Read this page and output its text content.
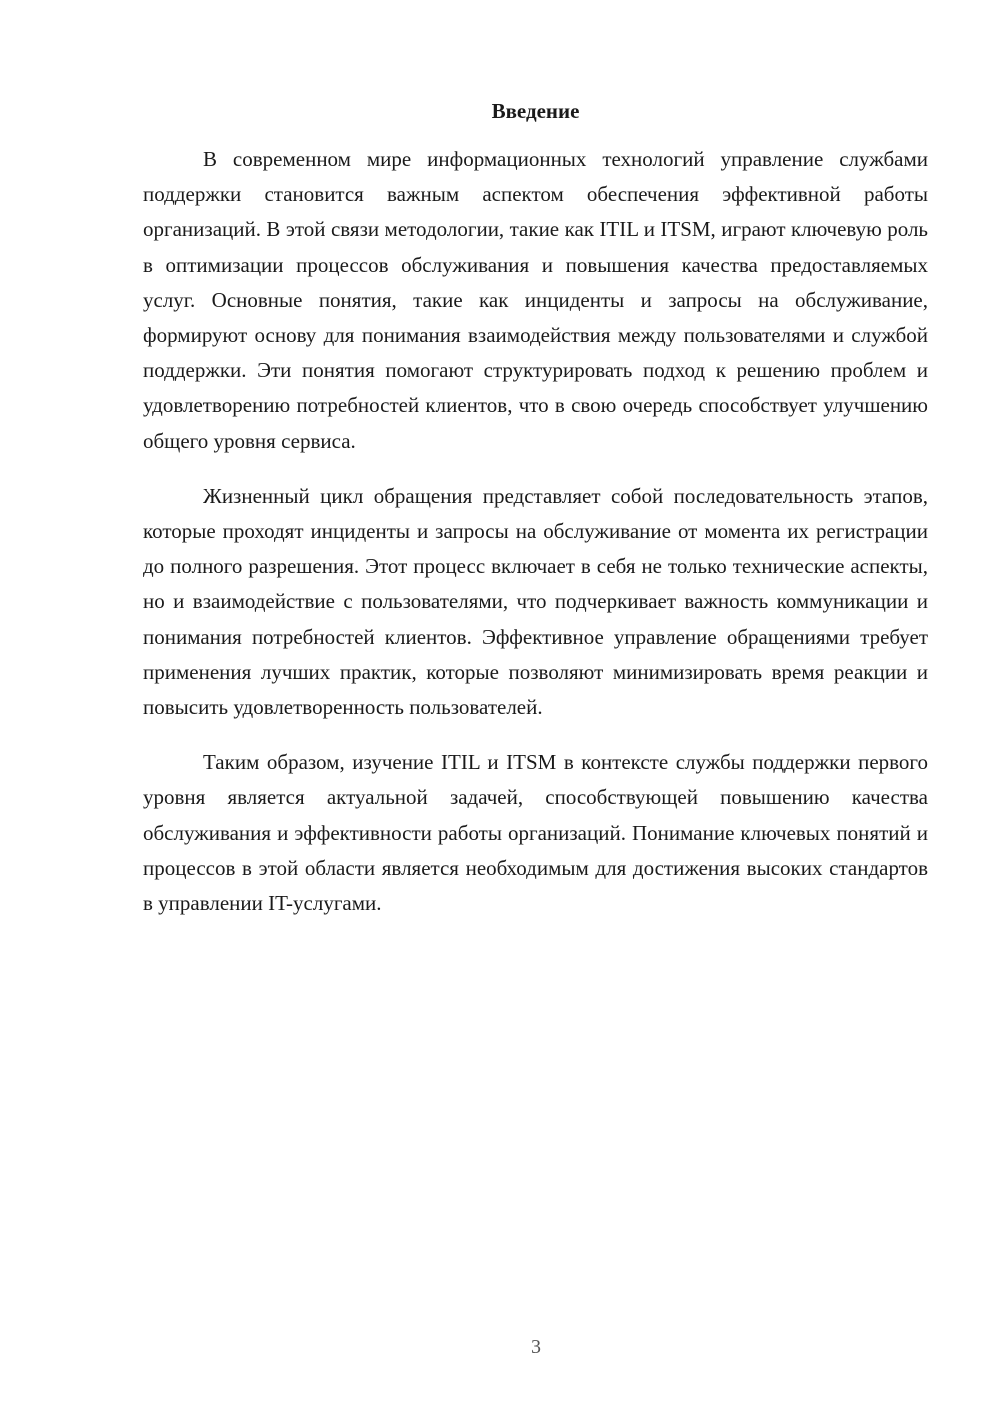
Введение

В современном мире информационных технологий управление службами поддержки становится важным аспектом обеспечения эффективной работы организаций. В этой связи методологии, такие как ITIL и ITSM, играют ключевую роль в оптимизации процессов обслуживания и повышения качества предоставляемых услуг. Основные понятия, такие как инциденты и запросы на обслуживание, формируют основу для понимания взаимодействия между пользователями и службой поддержки. Эти понятия помогают структурировать подход к решению проблем и удовлетворению потребностей клиентов, что в свою очередь способствует улучшению общего уровня сервиса.

Жизненный цикл обращения представляет собой последовательность этапов, которые проходят инциденты и запросы на обслуживание от момента их регистрации до полного разрешения. Этот процесс включает в себя не только технические аспекты, но и взаимодействие с пользователями, что подчеркивает важность коммуникации и понимания потребностей клиентов. Эффективное управление обращениями требует применения лучших практик, которые позволяют минимизировать время реакции и повысить удовлетворенность пользователей.

Таким образом, изучение ITIL и ITSM в контексте службы поддержки первого уровня является актуальной задачей, способствующей повышению качества обслуживания и эффективности работы организаций. Понимание ключевых понятий и процессов в этой области является необходимым для достижения высоких стандартов в управлении IT-услугами.

3
